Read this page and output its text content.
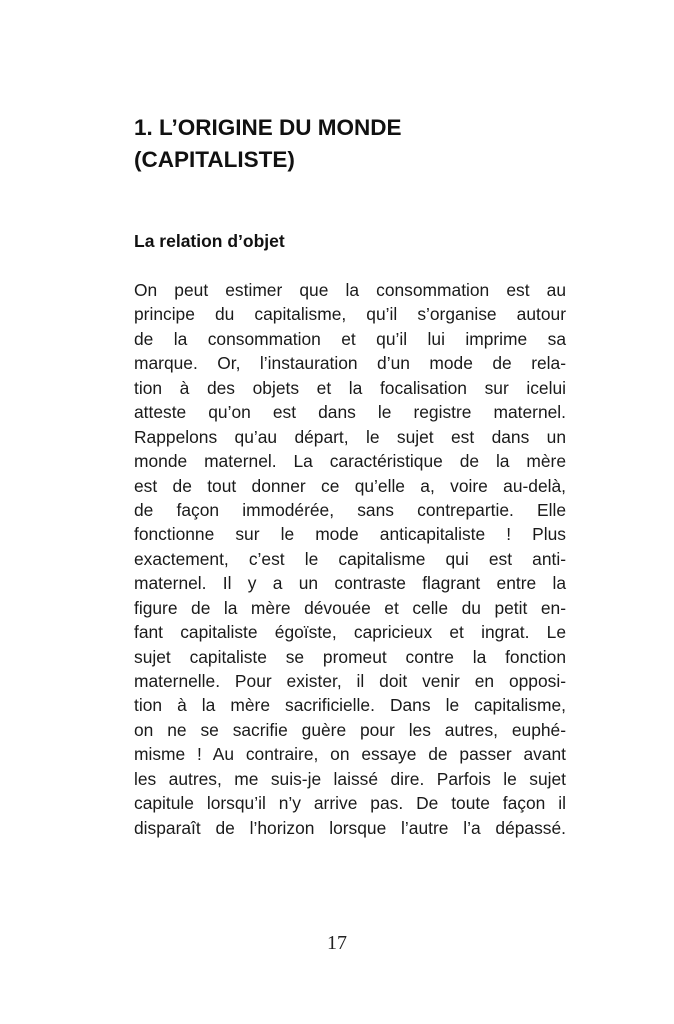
1. L’ORIGINE DU MONDE
(CAPITALISTE)
La relation d’objet
On peut estimer que la consommation est au
principe du capitalisme, qu’il s’organise autour
de la consommation et qu’il lui imprime sa
marque. Or, l’instauration d’un mode de rela-
tion à des objets et la focalisation sur icelui
atteste qu’on est dans le registre maternel.
Rappelons qu’au départ, le sujet est dans un
monde maternel. La caractéristique de la mère
est de tout donner ce qu’elle a, voire au-delà,
de façon immodérée, sans contrepartie. Elle
fonctionne sur le mode anticapitaliste ! Plus
exactement, c’est le capitalisme qui est anti-
maternel. Il y a un contraste flagrant entre la
figure de la mère dévouée et celle du petit en-
fant capitaliste égoïste, capricieux et ingrat. Le
sujet capitaliste se promeut contre la fonction
maternelle. Pour exister, il doit venir en opposi-
tion à la mère sacrificielle. Dans le capitalisme,
on ne se sacrifie guère pour les autres, euphé-
misme ! Au contraire, on essaye de passer avant
les autres, me suis-je laissé dire. Parfois le sujet
capitule lorsqu’il n’y arrive pas. De toute façon il
disparaît de l’horizon lorsque l’autre l’a dépassé.
17
